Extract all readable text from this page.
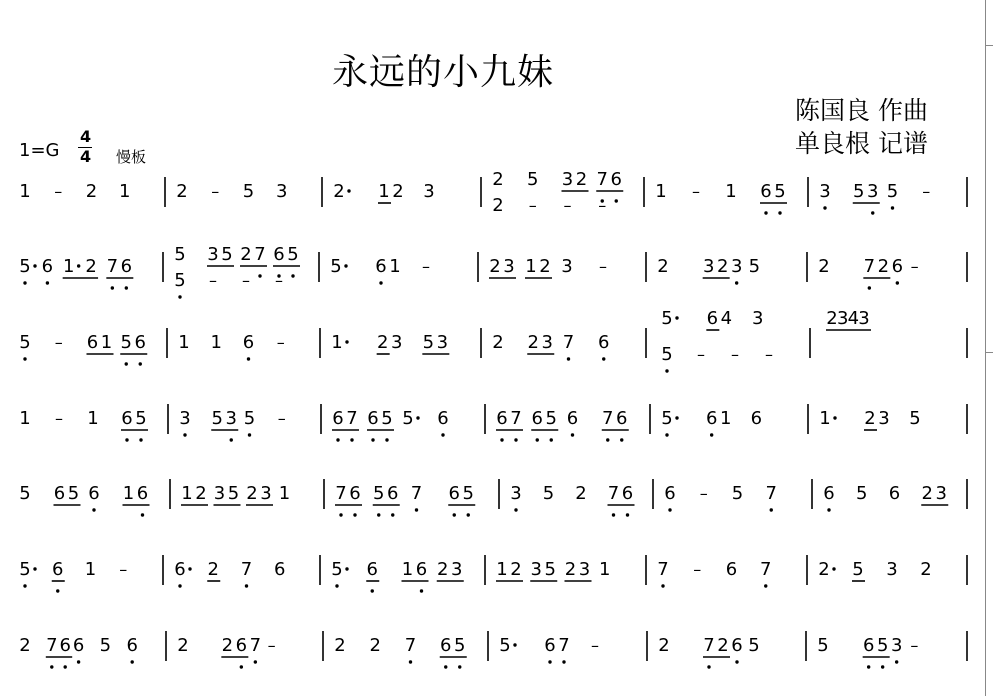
1 – 2 1	2 – 5 3	2 1 2 3
2 5 3 2 7 6
2 – – –
1 – 1 6 5 3 5 3 5 –
5 6 1 2 7 6
5 3 5 2 7 6 5
5 – – –
5 6 1 –	2 3 1 2 3 –	2 3 2 3 5	2 7 2 6 –
5 – 6 1 5 6 1 1 6 –	1 2 3 5 3 2 2 3 7 6
1 – 1 6 5 3 5 3 5 –	6 7 6 5 5 6	6 7 6 5 6 7 6 5 6 1 6	1 2 3 5
5 6 5 6 1 6 1 2 3 5 2 3 1	7 6 5 6 7 6 5 3 5 2 7 6 6 – 5 7	6 5 6 2 3
5 6 1 –	6 2 7 6	5 6 1 6 2 3 1 2 3 5 2 3 1	7 – 6 7	2 5 3 2
2 7 6 6 5 6 2 2 6 7 –	2 2 7 6 5 5 6 7 –	2 7 2 6 5	5 6 5 3 –
5 6 4 3
5 – – –
2 3 4 3
永远的小九妹
陈国良 作曲
单良根 记谱
1=G
4
4 慢板
